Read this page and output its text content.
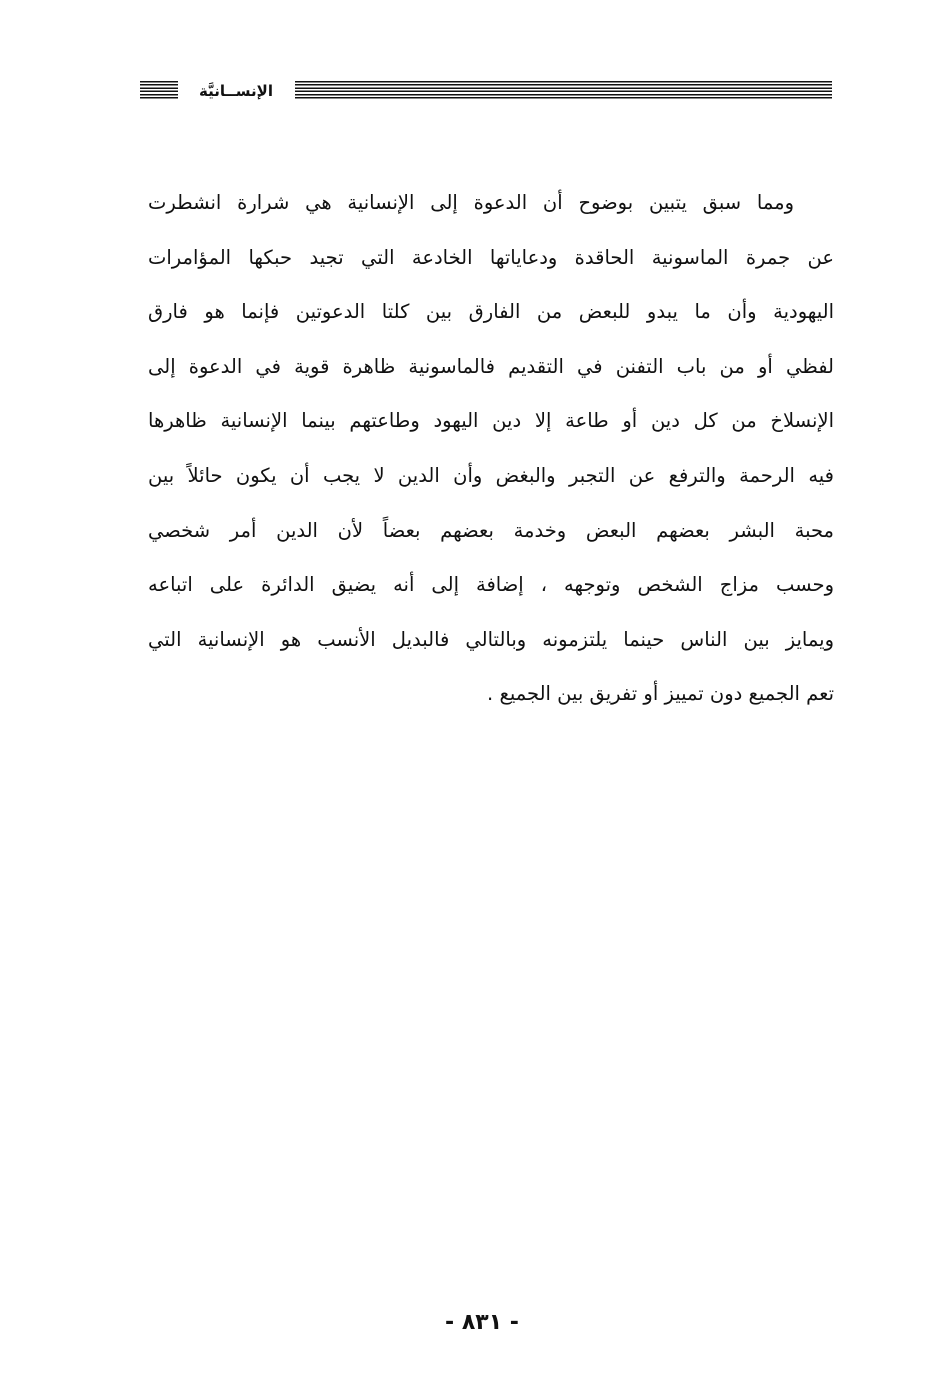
الإنســانيَّة
ومما سبق يتبين بوضوح أن الدعوة إلى الإنسانية هي شرارة انشطرت
عن جمرة الماسونية الحاقدة ودعاياتها الخادعة التي تجيد حبكها المؤامرات
اليهودية وأن ما يبدو للبعض من الفارق بين كلتا الدعوتين فإنما هو فارق
لفظي أو من باب التفنن في التقديم فالماسونية ظاهرة قوية في الدعوة إلى
الإنسلاخ من كل دين أو طاعة إلا دين اليهود وطاعتهم بينما الإنسانية ظاهرها
فيه الرحمة والترفع عن التجبر والبغض وأن الدين لا يجب أن يكون حائلاً بين
محبة البشر بعضهم البعض وخدمة بعضهم بعضاً لأن الدين أمر شخصي
وحسب مزاج الشخص وتوجهه ، إضافة إلى أنه يضيق الدائرة على اتباعه
ويمايز بين الناس حينما يلتزمونه وبالتالي فالبديل الأنسب هو الإنسانية التي
تعم الجميع دون تمييز أو تفريق بين الجميع .
- ٨٣١ -
